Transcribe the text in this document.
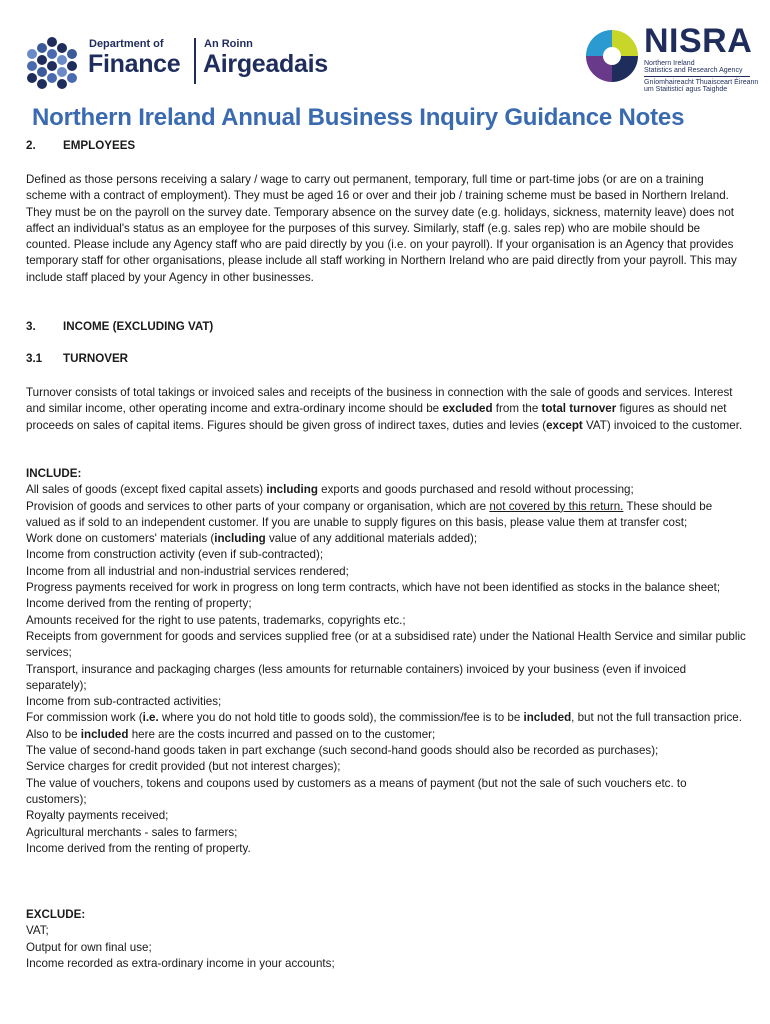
Department of
Finance
An Roinn
Airgeadais
NISRA
Northern Ireland
Statistics and Research Agency
Gníomhaireacht Thuaisceart Éireann
um Staitisticí agus Taighde
Northern Ireland Annual Business Inquiry Guidance Notes
2. EMPLOYEES
Defined as those persons receiving a salary / wage to carry out permanent, temporary, full time or part-time jobs (or are on a training scheme with a contract of employment). They must be aged 16 or over and their job / training scheme must be based in Northern Ireland. They must be on the payroll on the survey date. Temporary absence on the survey date (e.g. holidays, sickness, maternity leave) does not affect an individual's status as an employee for the purposes of this survey. Similarly, staff (e.g. sales rep) who are mobile should be counted. Please include any Agency staff who are paid directly by you (i.e. on your payroll). If your organisation is an Agency that provides temporary staff for other organisations, please include all staff working in Northern Ireland who are paid directly from your payroll. This may include staff placed by your Agency in other businesses.
3. INCOME (EXCLUDING VAT)
3.1 TURNOVER
Turnover consists of total takings or invoiced sales and receipts of the business in connection with the sale of goods and services. Interest and similar income, other operating income and extra-ordinary income should be excluded from the total turnover figures as should net proceeds on sales of capital items. Figures should be given gross of indirect taxes, duties and levies (except VAT) invoiced to the customer.
INCLUDE:
All sales of goods (except fixed capital assets) including exports and goods purchased and resold without processing;
Provision of goods and services to other parts of your company or organisation, which are not covered by this return. These should be valued as if sold to an independent customer. If you are unable to supply figures on this basis, please value them at transfer cost;
Work done on customers' materials (including value of any additional materials added);
Income from construction activity (even if sub-contracted);
Income from all industrial and non-industrial services rendered;
Progress payments received for work in progress on long term contracts, which have not been identified as stocks in the balance sheet;
Income derived from the renting of property;
Amounts received for the right to use patents, trademarks, copyrights etc.;
Receipts from government for goods and services supplied free (or at a subsidised rate) under the National Health Service and similar public services;
Transport, insurance and packaging charges (less amounts for returnable containers) invoiced by your business (even if invoiced separately);
Income from sub-contracted activities;
For commission work (i.e. where you do not hold title to goods sold), the commission/fee is to be included, but not the full transaction price. Also to be included here are the costs incurred and passed on to the customer;
The value of second-hand goods taken in part exchange (such second-hand goods should also be recorded as purchases);
Service charges for credit provided (but not interest charges);
The value of vouchers, tokens and coupons used by customers as a means of payment (but not the sale of such vouchers etc. to customers);
Royalty payments received;
Agricultural merchants - sales to farmers;
Income derived from the renting of property.
EXCLUDE:
VAT;
Output for own final use;
Income recorded as extra-ordinary income in your accounts;
